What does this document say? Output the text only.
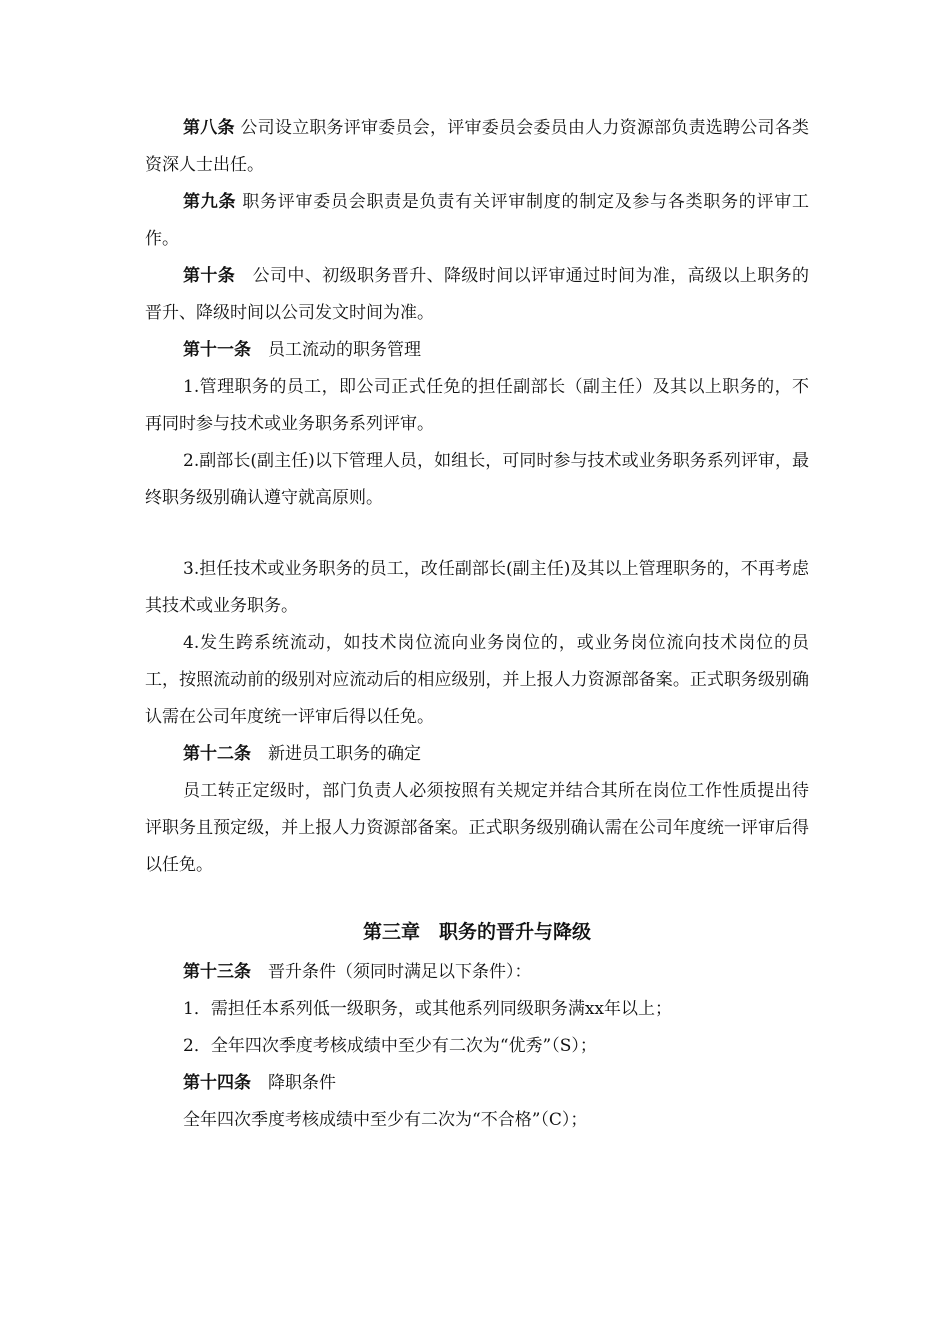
第八条 公司设立职务评审委员会，评审委员会委员由人力资源部负责选聘公司各类资深人士出任。

第九条 职务评审委员会职责是负责有关评审制度的制定及参与各类职务的评审工作。

第十条　公司中、初级职务晋升、降级时间以评审通过时间为准，高级以上职务的晋升、降级时间以公司发文时间为准。

第十一条　员工流动的职务管理

1.管理职务的员工，即公司正式任免的担任副部长（副主任）及其以上职务的，不再同时参与技术或业务职务系列评审。

2.副部长(副主任)以下管理人员，如组长，可同时参与技术或业务职务系列评审，最终职务级别确认遵守就高原则。

3.担任技术或业务职务的员工，改任副部长(副主任)及其以上管理职务的，不再考虑其技术或业务职务。

4.发生跨系统流动，如技术岗位流向业务岗位的，或业务岗位流向技术岗位的员工，按照流动前的级别对应流动后的相应级别，并上报人力资源部备案。正式职务级别确认需在公司年度统一评审后得以任免。

第十二条　新进员工职务的确定

员工转正定级时，部门负责人必须按照有关规定并结合其所在岗位工作性质提出待评职务且预定级，并上报人力资源部备案。正式职务级别确认需在公司年度统一评审后得以任免。

第三章　职务的晋升与降级

第十三条　晋升条件（须同时满足以下条件）：

1．需担任本系列低一级职务，或其他系列同级职务满xx年以上；

2．全年四次季度考核成绩中至少有二次为“优秀”（S）；

第十四条　降职条件

全年四次季度考核成绩中至少有二次为“不合格”（C）；
